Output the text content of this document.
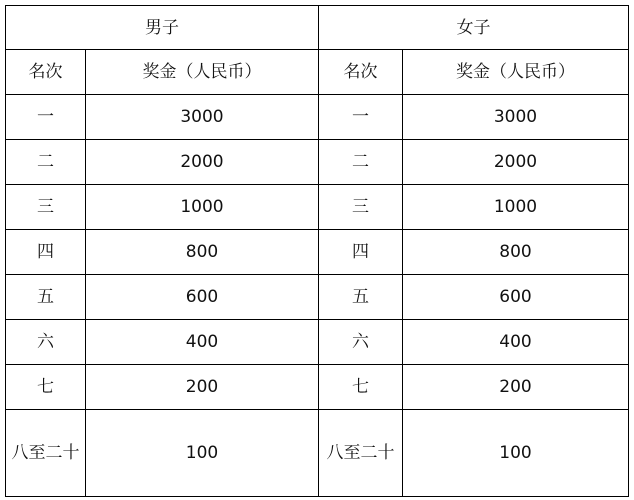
男子		女子	
名次	奖金（人民币）	名次	奖金（人民币）
一	3000	一	3000
二	2000	二	2000
三	1000	三	1000
四	800	四	800
五	600	五	600
六	400	六	400
七	200	七	200
八至二十	100	八至二十	100
